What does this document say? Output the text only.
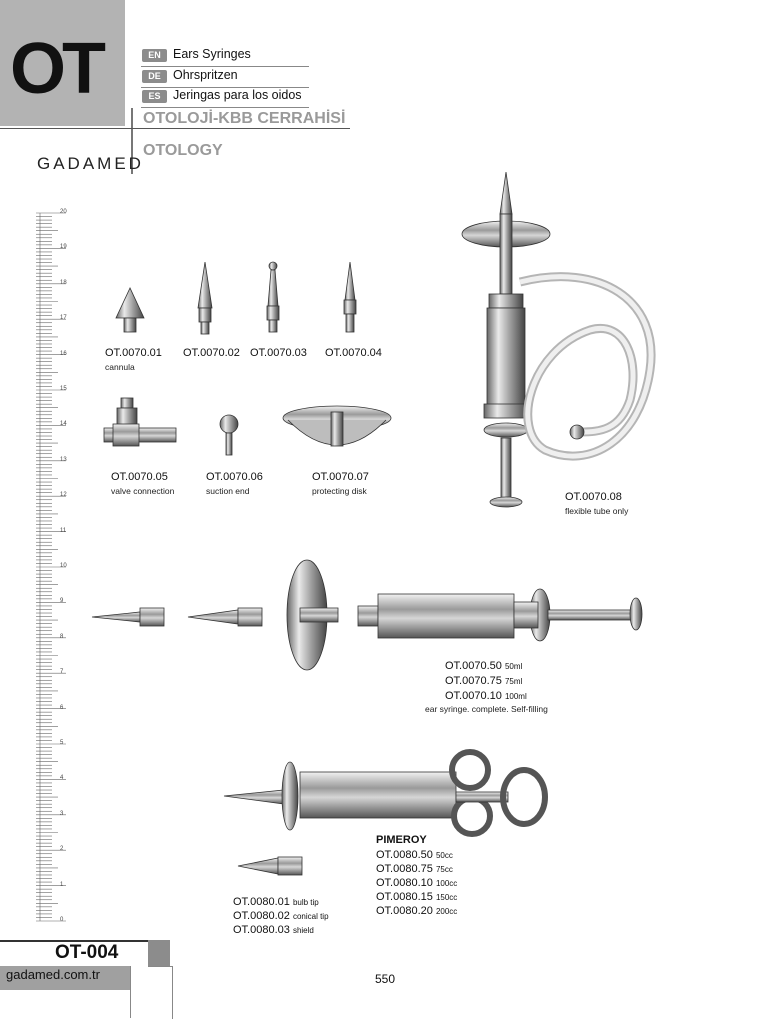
OT	EN Ears Syringes
DE Ohrspritzen
ES	Jeringas para los oidos
OTOLOJİ-KBB CERRAHİSİ
OTOLOGY
GADAMED
20
19
18
17
16
15
14
13
12
11
10
9
8
7
6
5
4
3
2
1
0
OT.0070.01
cannula
OT.0070.02 OT.0070.03 OT.0070.04
OT.0070.05
valve connection
OT.0070.06
suction end
OT.0070.07
protecting disk	OT.0070.08
flexible tube only
OT.0070.50 50ml
OT.0070.75 75ml
OT.0070.10 100ml
ear syringe. complete. Self-filling
OT.0080.01 bulb tip
OT.0080.02 conical tip
OT.0080.03 shield
PIMEROY
OT.0080.50 50cc
OT.0080.75 75cc
OT.0080.10 100cc
OT.0080.15 150cc
OT.0080.20 200cc
OT-004
gadamed.com.tr	550
